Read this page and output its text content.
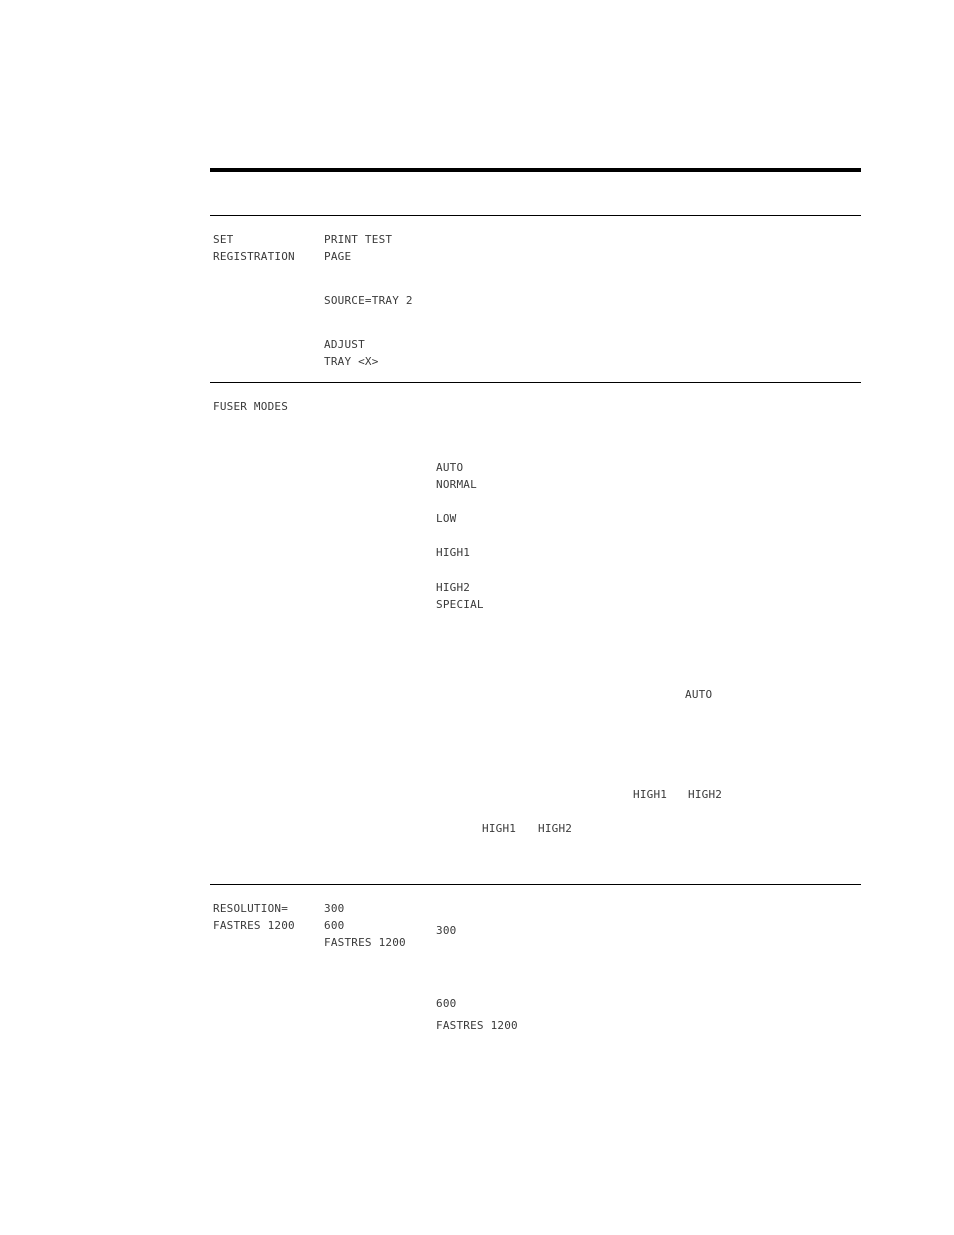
SET
REGISTRATION
PRINT TEST
PAGE
SOURCE=TRAY 2
ADJUST
TRAY <X>
FUSER MODES
AUTO
NORMAL
LOW
HIGH1
HIGH2
SPECIAL
AUTO
HIGH1 HIGH2
HIGH1 HIGH2
RESOLUTION=
FASTRES 1200
300
600
FASTRES 1200
300
600
FASTRES 1200
